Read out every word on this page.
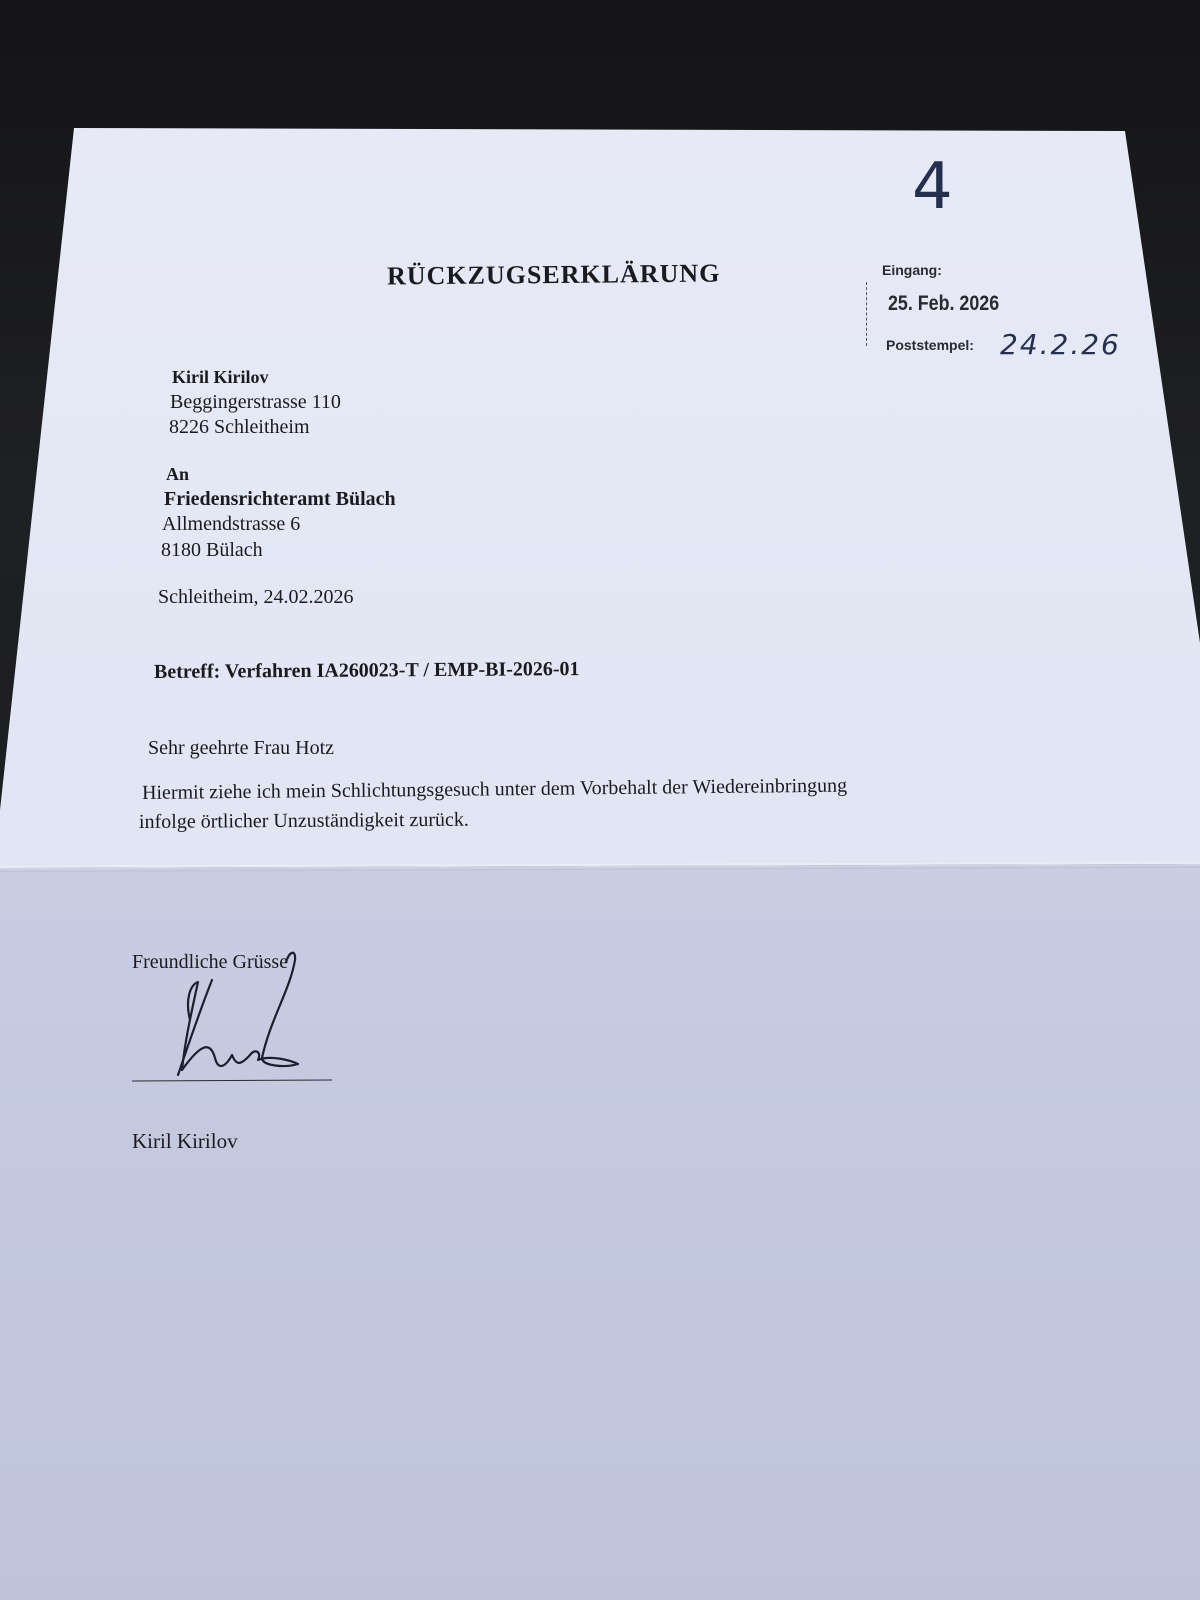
RÜCKZUGSERKLÄRUNG	Eingang:
25. Feb. 2026
Poststempel: 24.2.26
4
Kiril Kirilov
Beggingerstrasse 110
8226 Schleitheim
An
Friedensrichteramt Bülach
Allmendstrasse 6
8180 Bülach
Schleitheim, 24.02.2026
Betreff: Verfahren IA260023-T / EMP-BI-2026-01
Sehr geehrte Frau Hotz
Hiermit ziehe ich mein Schlichtungsgesuch unter dem Vorbehalt der Wiedereinbringung
infolge örtlicher Unzuständigkeit zurück.
Freundliche Grüsse
Kiril Kirilov
